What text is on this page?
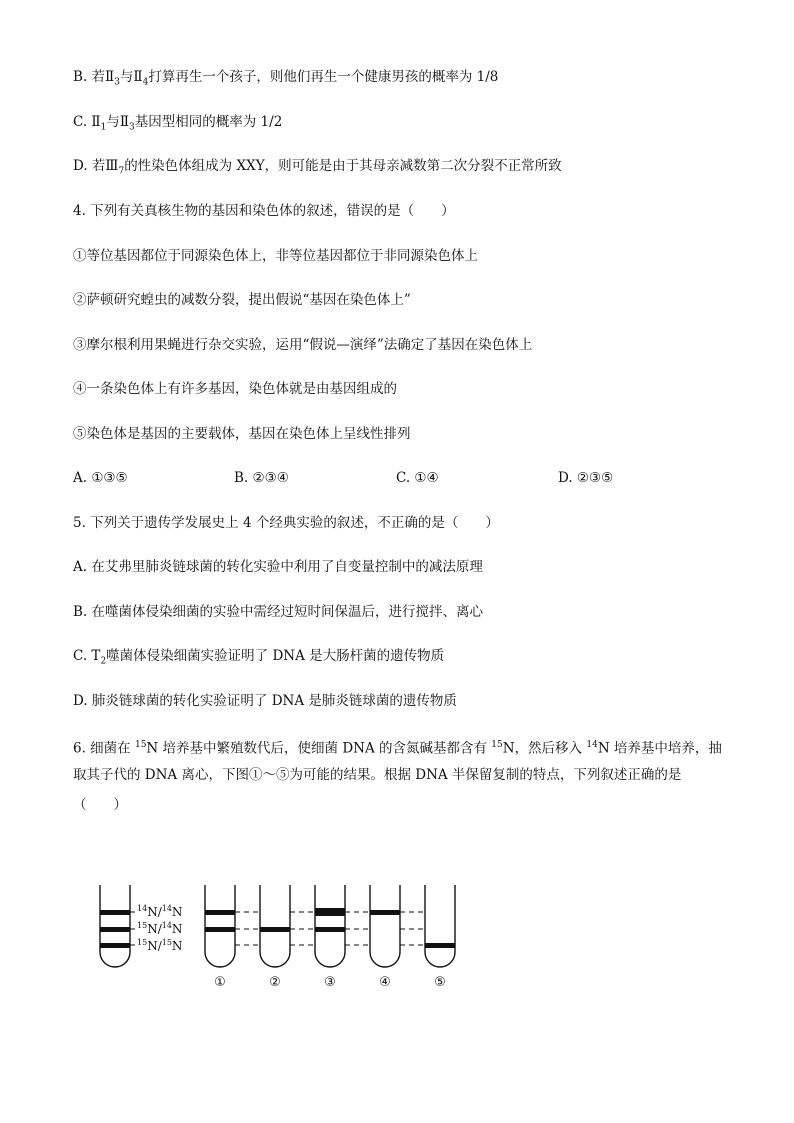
B. 若$Ⅱ_3$与$Ⅱ_4$打算再生一个孩子，则他们再生一个健康男孩的概率为 1/8
C. $Ⅱ_1$与$Ⅱ_3$基因型相同的概率为 1/2
D. 若$Ⅲ_7$的性染色体组成为 XXY，则可能是由于其母亲减数第二次分裂不正常所致
4. 下列有关真核生物的基因和染色体的叙述，错误的是（　　）
①等位基因都位于同源染色体上，非等位基因都位于非同源染色体上
②萨顿研究蝗虫的减数分裂，提出假说“基因在染色体上”
③摩尔根利用果蝇进行杂交实验，运用“假说—演绎”法确定了基因在染色体上
④一条染色体上有许多基因，染色体就是由基因组成的
⑤染色体是基因的主要载体，基因在染色体上呈线性排列
A. ①③⑤	B. ②③④	C. ①④	D. ②③⑤
5. 下列关于遗传学发展史上 4 个经典实验的叙述，不正确的是（　　）
A. 在艾弗里肺炎链球菌的转化实验中利用了自变量控制中的减法原理
B. 在噬菌体侵染细菌的实验中需经过短时间保温后，进行搅拌、离心
C. $T_2$噬菌体侵染细菌实验证明了 DNA 是大肠杆菌的遗传物质
D. 肺炎链球菌的转化实验证明了 DNA 是肺炎链球菌的遗传物质
6. 细菌在 $^{15}$N 培养基中繁殖数代后，使细菌 DNA 的含氮碱基都含有 $^{15}$N，然后移入 $^{14}$N 培养基中培养，抽
取其子代的 DNA 离心，下图①～⑤为可能的结果。根据 DNA 半保留复制的特点，下列叙述正确的是
（　　）
$^{14}$N/$^{14}$N
$^{15}$N/$^{14}$N
$^{15}$N/$^{15}$N
①	②	③	④	⑤
